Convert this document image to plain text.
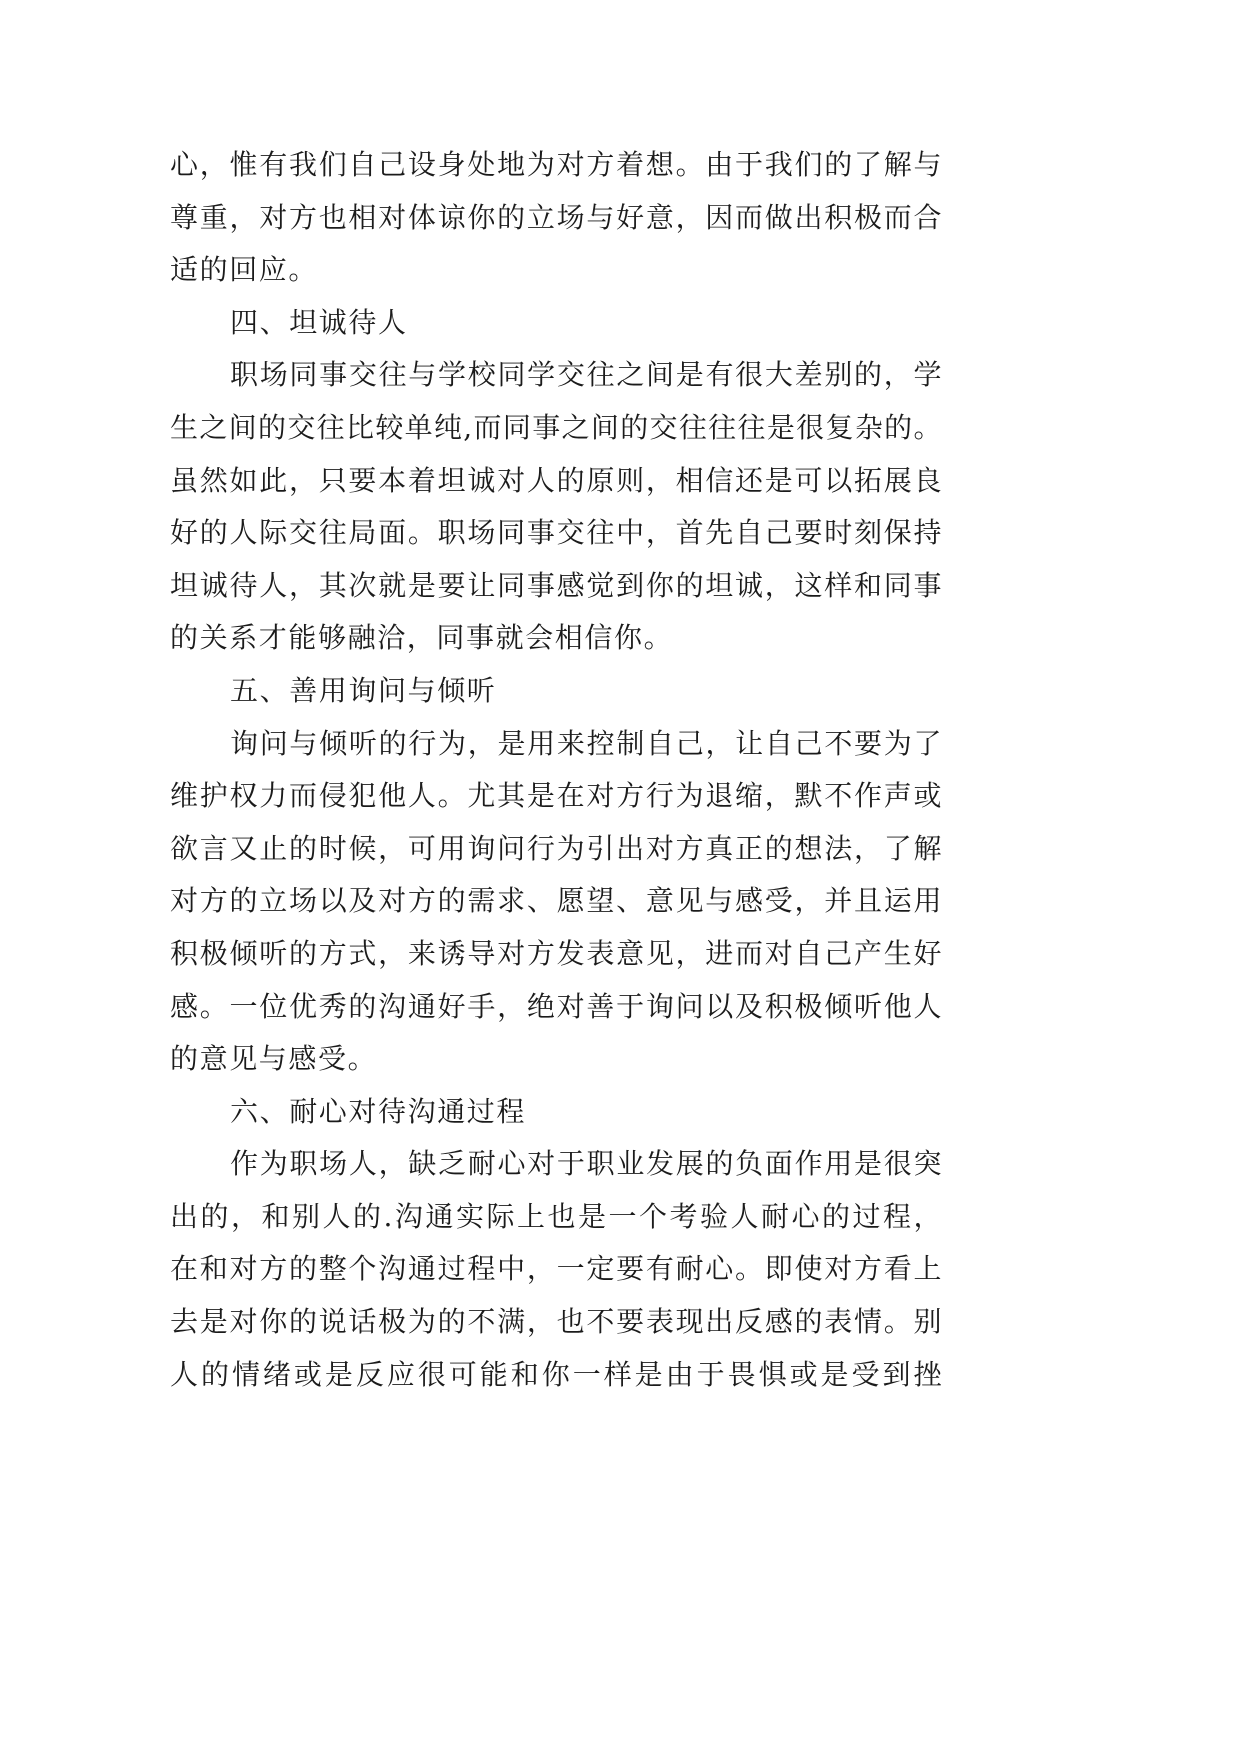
心，惟有我们自己设身处地为对方着想。由于我们的了解与
尊重，对方也相对体谅你的立场与好意，因而做出积极而合
适的回应。
四、坦诚待人
职场同事交往与学校同学交往之间是有很大差别的，学
生之间的交往比较单纯,而同事之间的交往往往是很复杂的。
虽然如此，只要本着坦诚对人的原则，相信还是可以拓展良
好的人际交往局面。职场同事交往中，首先自己要时刻保持
坦诚待人，其次就是要让同事感觉到你的坦诚，这样和同事
的关系才能够融洽，同事就会相信你。
五、善用询问与倾听
询问与倾听的行为，是用来控制自己，让自己不要为了
维护权力而侵犯他人。尤其是在对方行为退缩，默不作声或
欲言又止的时候，可用询问行为引出对方真正的想法，了解
对方的立场以及对方的需求、愿望、意见与感受，并且运用
积极倾听的方式，来诱导对方发表意见，进而对自己产生好
感。一位优秀的沟通好手，绝对善于询问以及积极倾听他人
的意见与感受。
六、耐心对待沟通过程
作为职场人，缺乏耐心对于职业发展的负面作用是很突
出的，和别人的.沟通实际上也是一个考验人耐心的过程，
在和对方的整个沟通过程中，一定要有耐心。即使对方看上
去是对你的说话极为的不满，也不要表现出反感的表情。别
人的情绪或是反应很可能和你一样是由于畏惧或是受到挫
